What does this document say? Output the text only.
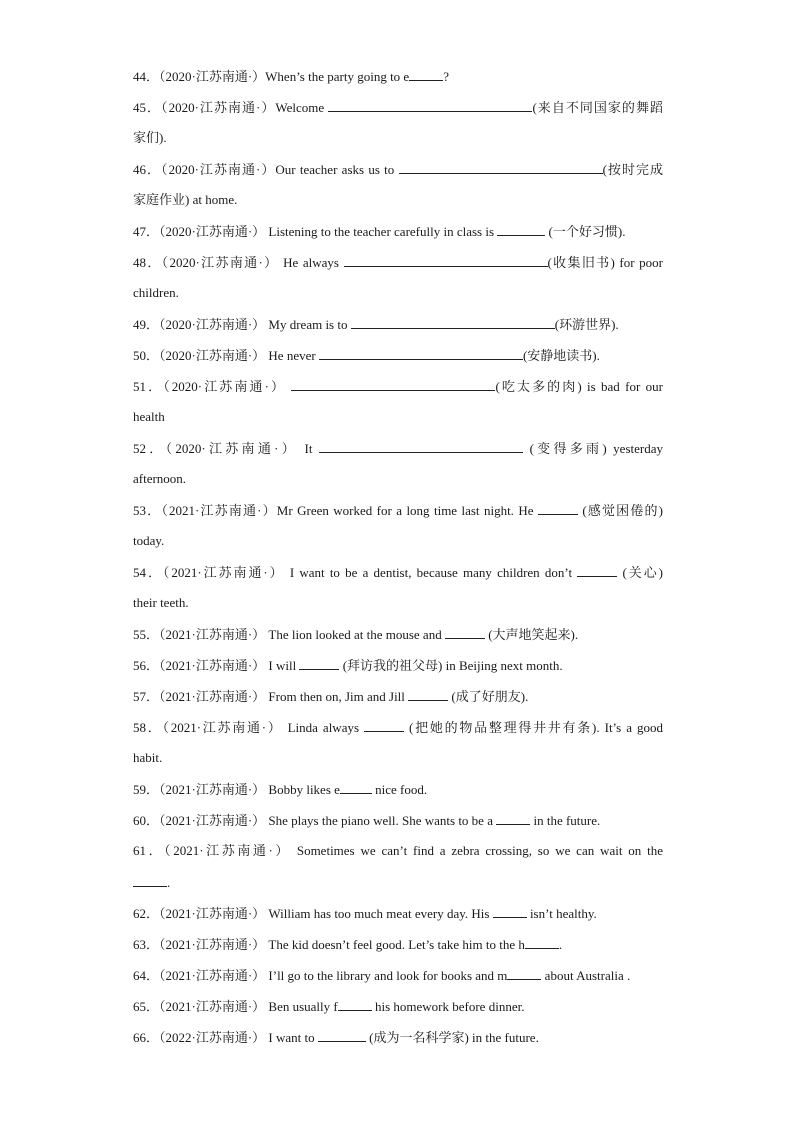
44．（2020·江苏南通·）When’s the party going to e	?
45．（2020·江苏南通·）Welcome	(来自不同国家的舞蹈
家们).
46．（2020·江苏南通·）Our teacher asks us to	(按时完成
家庭作业) at home.
47．（2020·江苏南通·） Listening to the teacher carefully in class is	(一个好习惯).
48．（2020·江苏南通·） He always	(收集旧书) for poor
children.
49．（2020·江苏南通·） My dream is to	(环游世界).
50．（2020·江苏南通·） He never	(安静地读书).
51．（2020·江苏南通·）	(吃太多的肉) is bad for our
health
52．（2020·江苏南通·） It	(变得多雨) yesterday
afternoon.
53．（2021·江苏南通·）Mr Green worked for a long time last night. He	(感觉困倦的)
today.
54．（2021·江苏南通·） I want to be a dentist, because many children don’t	(关心)
their teeth.
55．（2021·江苏南通·） The lion looked at the mouse and	(大声地笑起来).
56．（2021·江苏南通·） I will	(拜访我的祖父母) in Beijing next month.
57．（2021·江苏南通·） From then on, Jim and Jill	(成了好朋友).
58．（2021·江苏南通·） Linda always	(把她的物品整理得井井有条). It’s a good
habit.
59．（2021·江苏南通·） Bobby likes e nice food.
60．（2021·江苏南通·） She plays the piano well. She wants to be a	in the future.
61．（2021·江苏南通·） Sometimes we can’t find a zebra crossing, so we can wait on the
.
62．（2021·江苏南通·） William has too much meat every day. His	isn’t healthy.
63．（2021·江苏南通·） The kid doesn’t feel good. Let’s take him to the h	.
64．（2021·江苏南通·） I’ll go to the library and look for books and m	about Australia .
65．（2021·江苏南通·） Ben usually f	his homework before dinner.
66．（2022·江苏南通·） I want to	(成为一名科学家) in the future.
